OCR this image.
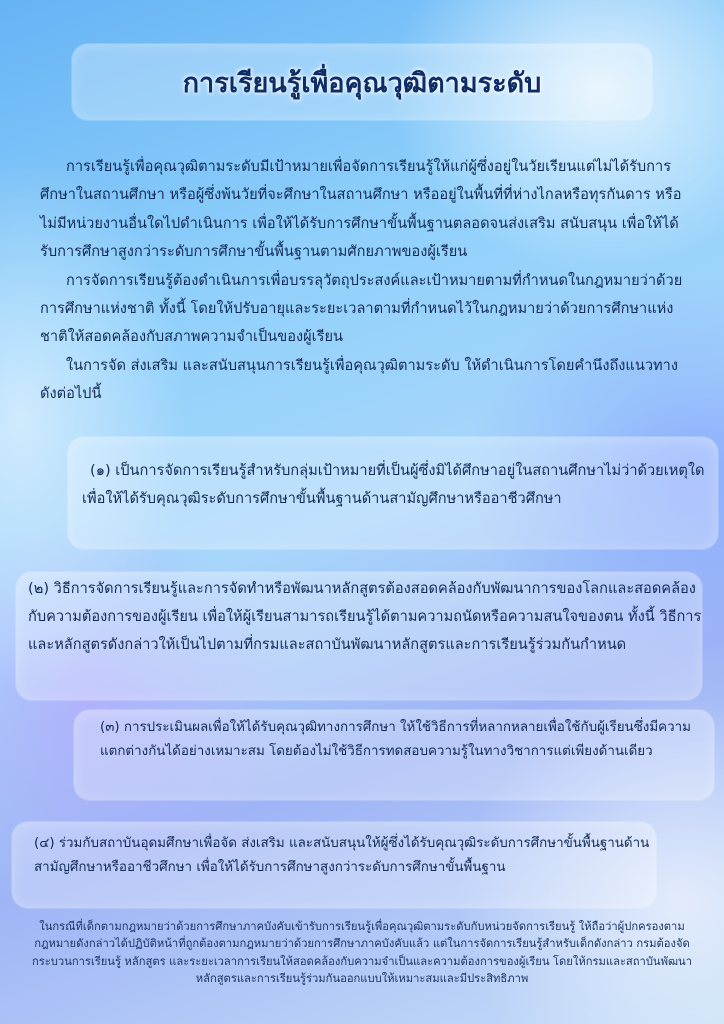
การเรียนรู้เพื่อคุณวุฒิตามระดับ

การเรียนรู้เพื่อคุณวุฒิตามระดับมีเป้าหมายเพื่อจัดการเรียนรู้ให้แก่ผู้ซึ่งอยู่ในวัยเรียนแต่ไม่ได้รับการศึกษาในสถานศึกษา หรือผู้ซึ่งพ้นวัยที่จะศึกษาในสถานศึกษา หรืออยู่ในพื้นที่ที่ห่างไกลหรือทุรกันดาร หรือไม่มีหน่วยงานอื่นใดไปดำเนินการ เพื่อให้ได้รับการศึกษาขั้นพื้นฐานตลอดจนส่งเสริม สนับสนุน เพื่อให้ได้รับการศึกษาสูงกว่าระดับการศึกษาขั้นพื้นฐานตามศักยภาพของผู้เรียน

การจัดการเรียนรู้ต้องดำเนินการเพื่อบรรลุวัตถุประสงค์และเป้าหมายตามที่กำหนดในกฎหมายว่าด้วยการศึกษาแห่งชาติ ทั้งนี้ โดยให้ปรับอายุและระยะเวลาตามที่กำหนดไว้ในกฎหมายว่าด้วยการศึกษาแห่งชาติให้สอดคล้องกับสภาพความจำเป็นของผู้เรียน

ในการจัด ส่งเสริม และสนับสนุนการเรียนรู้เพื่อคุณวุฒิตามระดับ ให้ดำเนินการโดยคำนึงถึงแนวทาง ดังต่อไปนี้

(๑) เป็นการจัดการเรียนรู้สำหรับกลุ่มเป้าหมายที่เป็นผู้ซึ่งมิได้ศึกษาอยู่ในสถานศึกษาไม่ว่าด้วยเหตุใด เพื่อให้ได้รับคุณวุฒิระดับการศึกษาขั้นพื้นฐานด้านสามัญศึกษาหรืออาชีวศึกษา

(๒) วิธีการจัดการเรียนรู้และการจัดทำหรือพัฒนาหลักสูตรต้องสอดคล้องกับพัฒนาการของโลกและสอดคล้องกับความต้องการของผู้เรียน เพื่อให้ผู้เรียนสามารถเรียนรู้ได้ตามความถนัดหรือความสนใจของตน ทั้งนี้ วิธีการและหลักสูตรดังกล่าวให้เป็นไปตามที่กรมและสถาบันพัฒนาหลักสูตรและการเรียนรู้ร่วมกันกำหนด

(๓) การประเมินผลเพื่อให้ได้รับคุณวุฒิทางการศึกษา ให้ใช้วิธีการที่หลากหลายเพื่อใช้กับผู้เรียนซึ่งมีความแตกต่างกันได้อย่างเหมาะสม โดยต้องไม่ใช้วิธีการทดสอบความรู้ในทางวิชาการแต่เพียงด้านเดียว

(๔) ร่วมกับสถาบันอุดมศึกษาเพื่อจัด ส่งเสริม และสนับสนุนให้ผู้ซึ่งได้รับคุณวุฒิระดับการศึกษาขั้นพื้นฐานด้านสามัญศึกษาหรืออาชีวศึกษา เพื่อให้ได้รับการศึกษาสูงกว่าระดับการศึกษาขั้นพื้นฐาน

ในกรณีที่เด็กตามกฎหมายว่าด้วยการศึกษาภาคบังคับเข้ารับการเรียนรู้เพื่อคุณวุฒิตามระดับกับหน่วยจัดการเรียนรู้ ให้ถือว่าผู้ปกครองตามกฎหมายดังกล่าวได้ปฏิบัติหน้าที่ถูกต้องตามกฎหมายว่าด้วยการศึกษาภาคบังคับแล้ว แต่ในการจัดการเรียนรู้สำหรับเด็กดังกล่าว กรมต้องจัดกระบวนการเรียนรู้ หลักสูตร และระยะเวลาการเรียนให้สอดคล้องกับความจำเป็นและความต้องการของผู้เรียน โดยให้กรมและสถาบันพัฒนาหลักสูตรและการเรียนรู้ร่วมกันออกแบบให้เหมาะสมและมีประสิทธิภาพ
